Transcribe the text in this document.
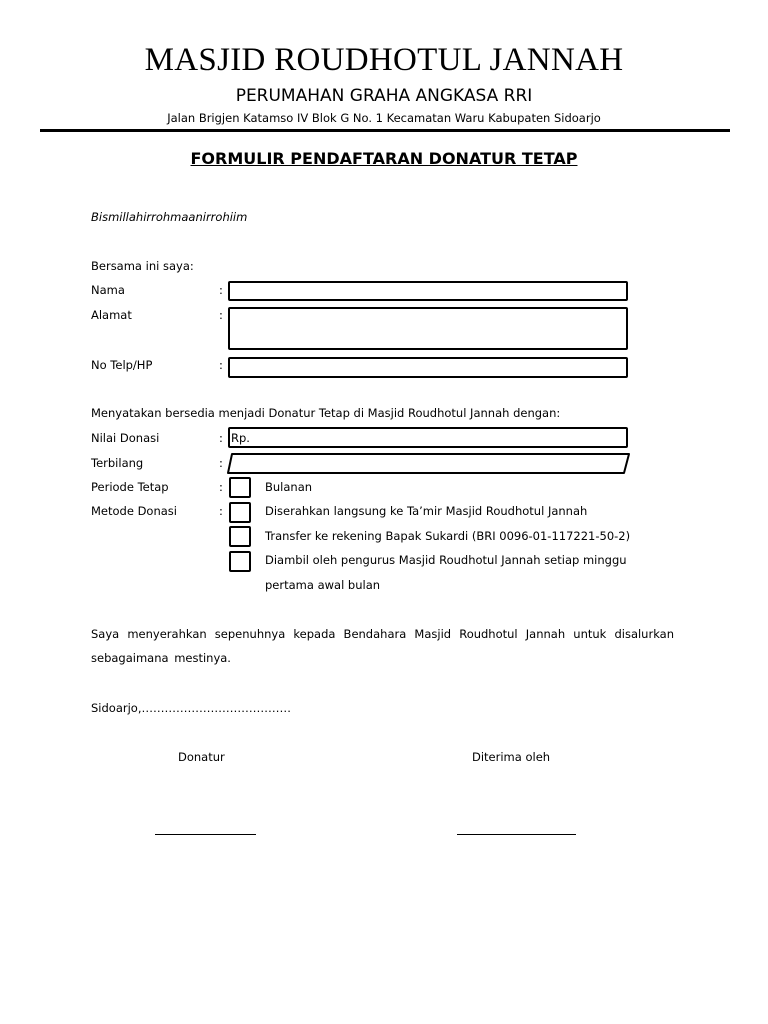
MASJID ROUDHOTUL JANNAH
PERUMAHAN GRAHA ANGKASA RRI
Jalan Brigjen Katamso IV Blok G No. 1 Kecamatan Waru Kabupaten Sidoarjo
FORMULIR PENDAFTARAN DONATUR TETAP
Bismillahirrohmaanirrohiim
Bersama ini saya:
Nama	:
Alamat	:
No Telp/HP	:
Menyatakan bersedia menjadi Donatur Tetap di Masjid Roudhotul Jannah dengan:
Nilai Donasi	: Rp.
Terbilang	:
Periode Tetap	:	Bulanan
Metode Donasi	:	Diserahkan langsung ke Ta’mir Masjid Roudhotul Jannah
Transfer ke rekening Bapak Sukardi (BRI 0096-01-117221-50-2)
Diambil oleh pengurus Masjid Roudhotul Jannah setiap minggu
pertama awal bulan
Saya menyerahkan sepenuhnya kepada Bendahara Masjid Roudhotul Jannah untuk disalurkan sebagaimana mestinya.
Sidoarjo,…………………………………
Donatur	Diterima oleh
